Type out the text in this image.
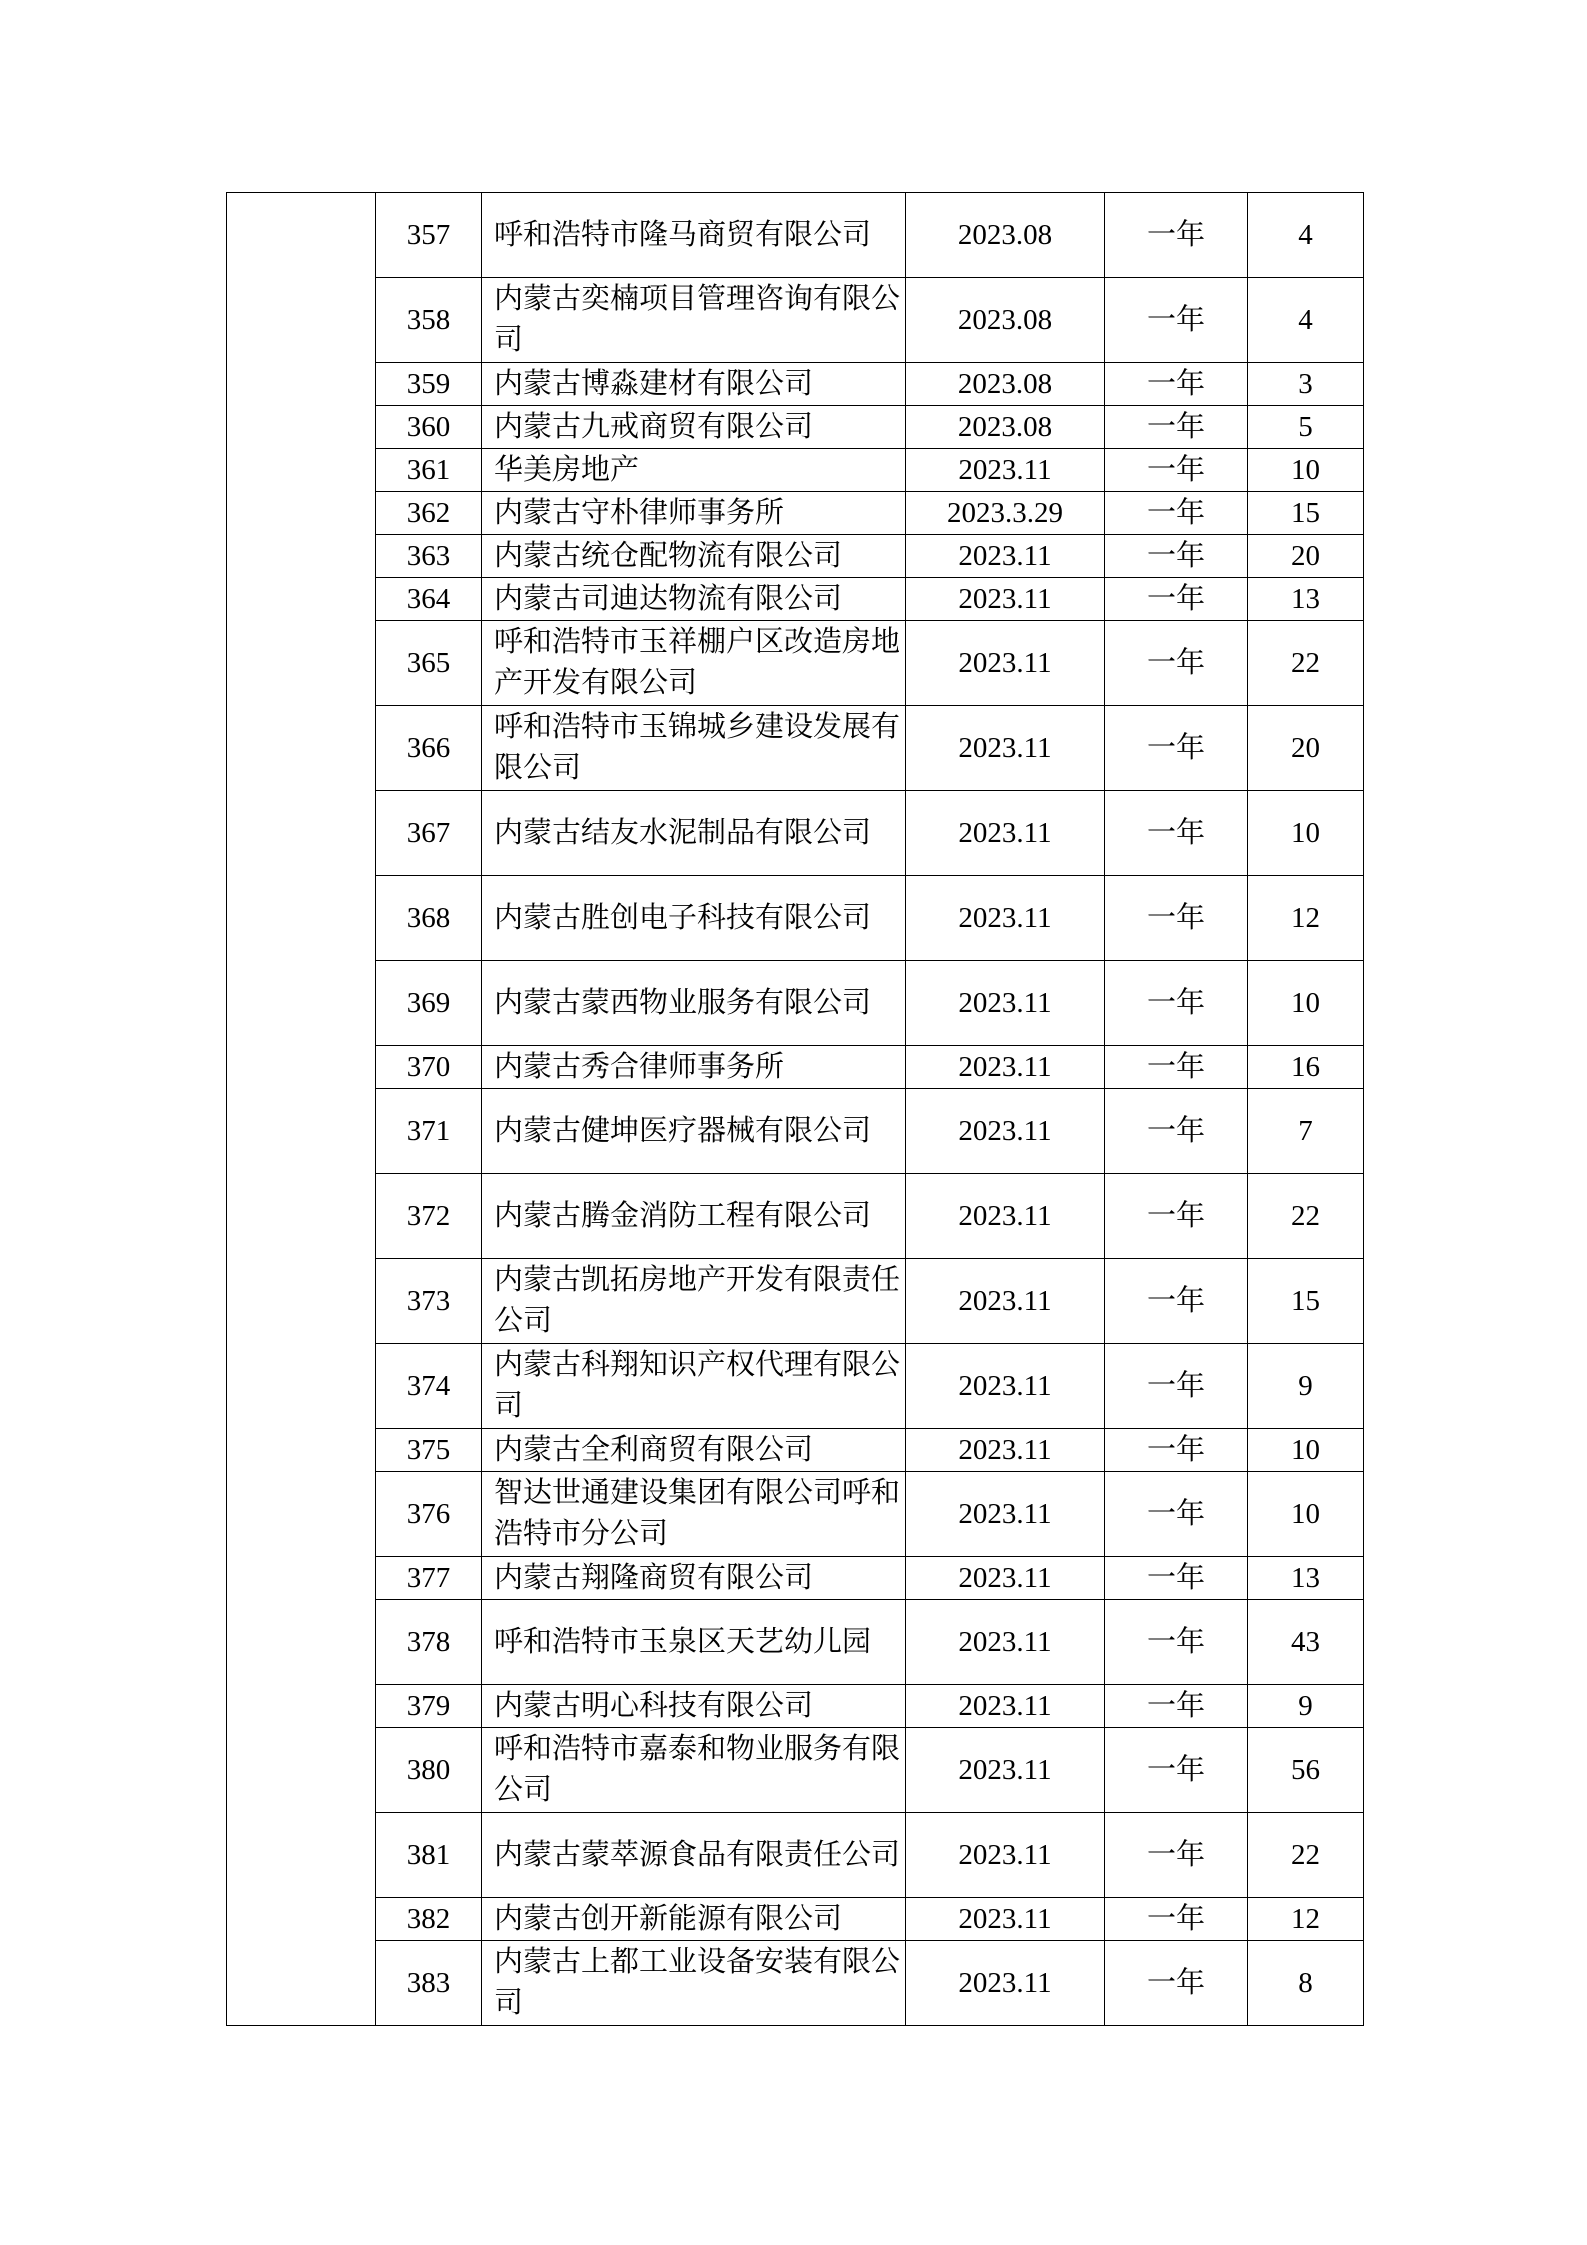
	357	呼和浩特市隆马商贸有限公司	2023.08	一年	4
	358	内蒙古奕楠项目管理咨询有限公司	2023.08	一年	4
	359	内蒙古博淼建材有限公司	2023.08	一年	3
	360	内蒙古九戒商贸有限公司	2023.08	一年	5
	361	华美房地产	2023.11	一年	10
	362	内蒙古守朴律师事务所	2023.3.29	一年	15
	363	内蒙古统仓配物流有限公司	2023.11	一年	20
	364	内蒙古司迪达物流有限公司	2023.11	一年	13
	365	呼和浩特市玉祥棚户区改造房地产开发有限公司	2023.11	一年	22
	366	呼和浩特市玉锦城乡建设发展有限公司	2023.11	一年	20
	367	内蒙古结友水泥制品有限公司	2023.11	一年	10
	368	内蒙古胜创电子科技有限公司	2023.11	一年	12
	369	内蒙古蒙西物业服务有限公司	2023.11	一年	10
	370	内蒙古秀合律师事务所	2023.11	一年	16
	371	内蒙古健坤医疗器械有限公司	2023.11	一年	7
	372	内蒙古腾金消防工程有限公司	2023.11	一年	22
	373	内蒙古凯拓房地产开发有限责任公司	2023.11	一年	15
	374	内蒙古科翔知识产权代理有限公司	2023.11	一年	9
	375	内蒙古全利商贸有限公司	2023.11	一年	10
	376	智达世通建设集团有限公司呼和浩特市分公司	2023.11	一年	10
	377	内蒙古翔隆商贸有限公司	2023.11	一年	13
	378	呼和浩特市玉泉区天艺幼儿园	2023.11	一年	43
	379	内蒙古明心科技有限公司	2023.11	一年	9
	380	呼和浩特市嘉泰和物业服务有限公司	2023.11	一年	56
	381	内蒙古蒙萃源食品有限责任公司	2023.11	一年	22
	382	内蒙古创开新能源有限公司	2023.11	一年	12
	383	内蒙古上都工业设备安装有限公司	2023.11	一年	8
